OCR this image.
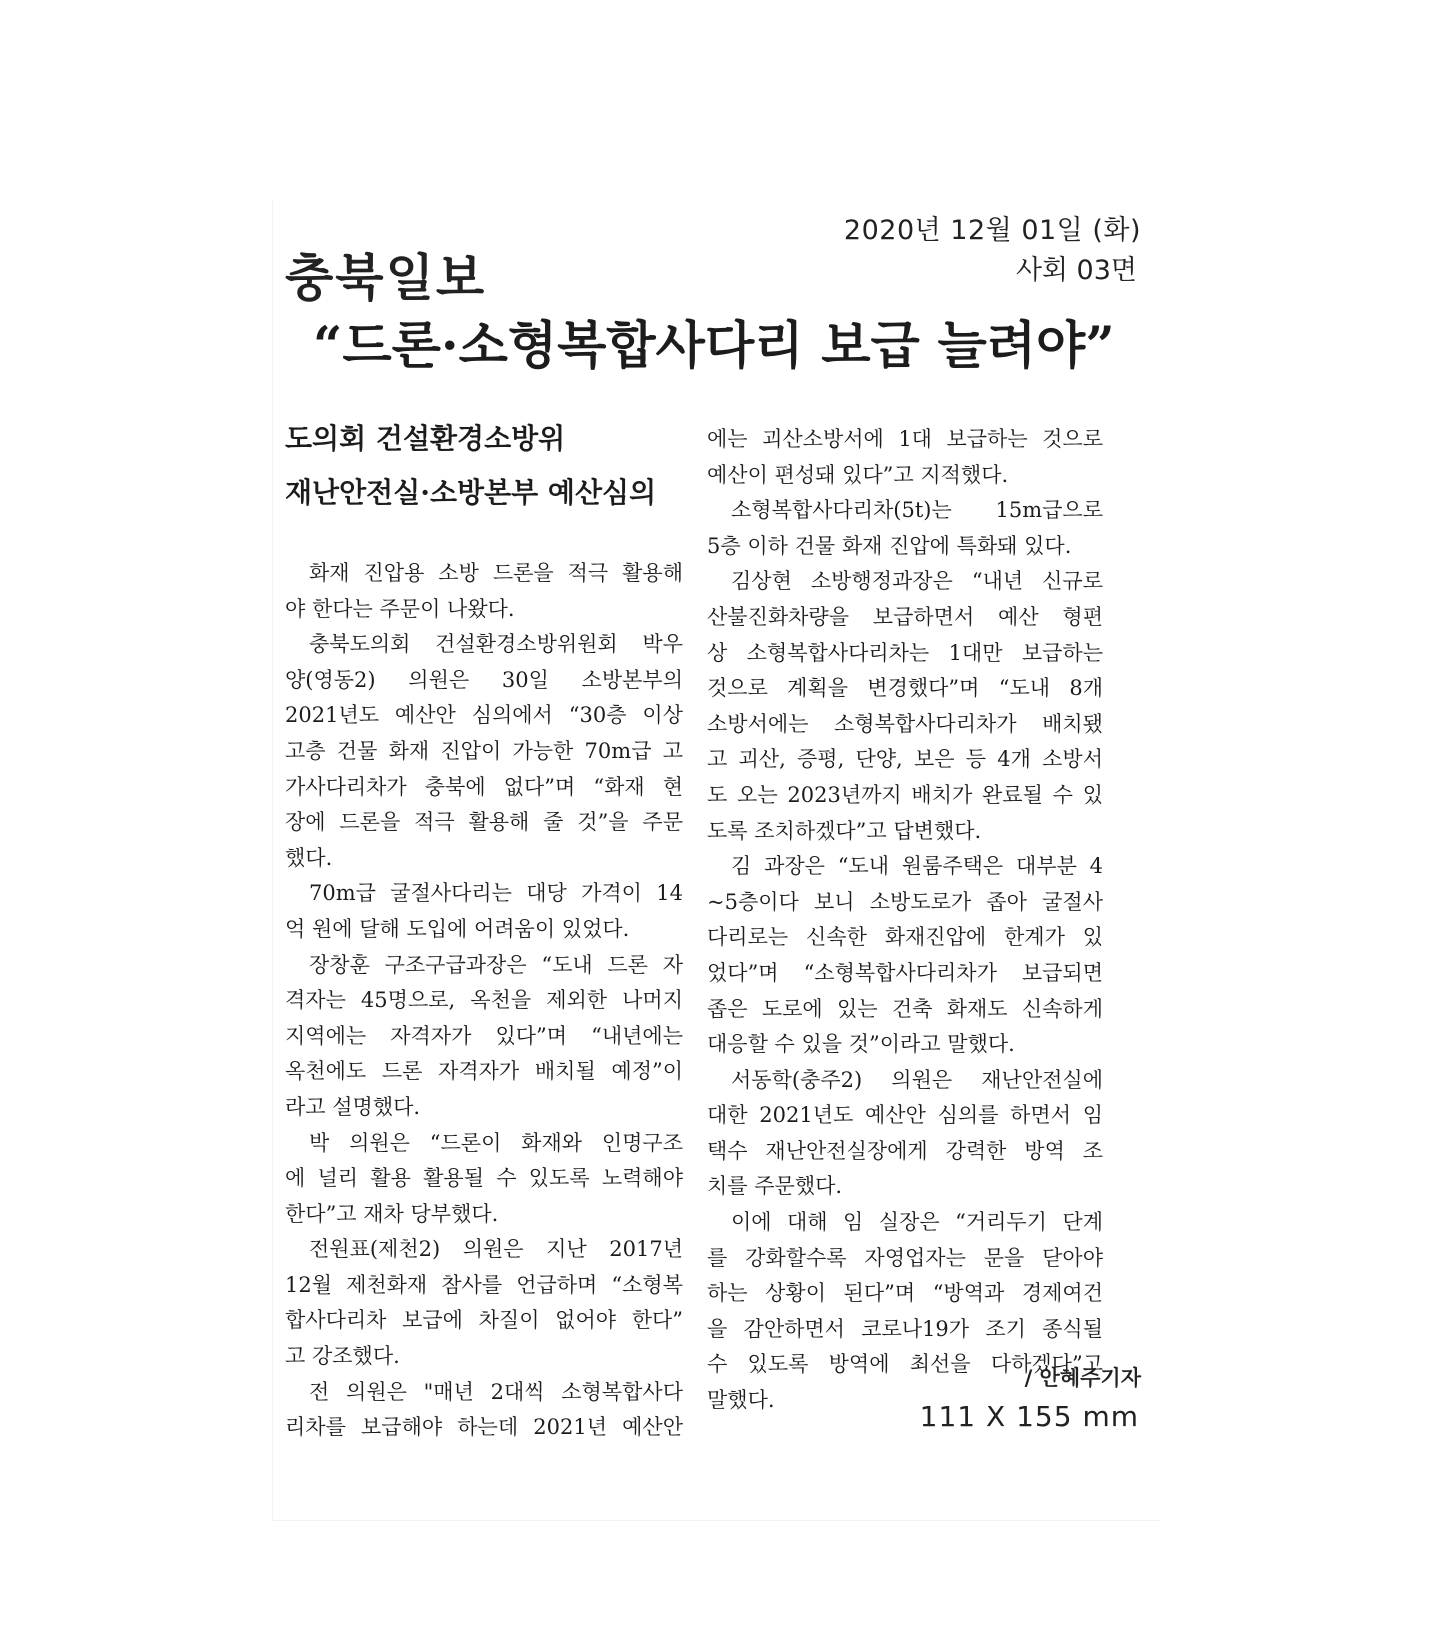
2020년 12월 01일 (화)
사회 03면
충북일보
“드론·소형복합사다리 보급 늘려야”
도의회 건설환경소방위
재난안전실·소방본부 예산심의
화재 진압용 소방 드론을 적극 활용해
야 한다는 주문이 나왔다.
충북도의회 건설환경소방위원회 박우
양(영동2) 의원은 30일 소방본부의
2021년도 예산안 심의에서 “30층 이상
고층 건물 화재 진압이 가능한 70m급 고
가사다리차가 충북에 없다”며 “화재 현
장에 드론을 적극 활용해 줄 것”을 주문
했다.
70m급 굴절사다리는 대당 가격이 14
억 원에 달해 도입에 어려움이 있었다.
장창훈 구조구급과장은 “도내 드론 자
격자는 45명으로, 옥천을 제외한 나머지
지역에는 자격자가 있다”며 “내년에는
옥천에도 드론 자격자가 배치될 예정”이
라고 설명했다.
박 의원은 “드론이 화재와 인명구조
에 널리 활용 활용될 수 있도록 노력해야
한다”고 재차 당부했다.
전원표(제천2) 의원은 지난 2017년
12월 제천화재 참사를 언급하며 “소형복
합사다리차 보급에 차질이 없어야 한다”
고 강조했다.
전 의원은 "매년 2대씩 소형복합사다
리차를 보급해야 하는데 2021년 예산안
에는 괴산소방서에 1대 보급하는 것으로
예산이 편성돼 있다”고 지적했다.
소형복합사다리차(5t)는 15m급으로
5층 이하 건물 화재 진압에 특화돼 있다.
김상현 소방행정과장은 “내년 신규로
산불진화차량을 보급하면서 예산 형편
상 소형복합사다리차는 1대만 보급하는
것으로 계획을 변경했다”며 “도내 8개
소방서에는 소형복합사다리차가 배치됐
고 괴산, 증평, 단양, 보은 등 4개 소방서
도 오는 2023년까지 배치가 완료될 수 있
도록 조치하겠다”고 답변했다.
김 과장은 “도내 원룸주택은 대부분 4
~5층이다 보니 소방도로가 좁아 굴절사
다리로는 신속한 화재진압에 한계가 있
었다”며 “소형복합사다리차가 보급되면
좁은 도로에 있는 건축 화재도 신속하게
대응할 수 있을 것”이라고 말했다.
서동학(충주2) 의원은 재난안전실에
대한 2021년도 예산안 심의를 하면서 임
택수 재난안전실장에게 강력한 방역 조
치를 주문했다.
이에 대해 임 실장은 “거리두기 단계
를 강화할수록 자영업자는 문을 닫아야
하는 상황이 된다”며 “방역과 경제여건
을 감안하면서 코로나19가 조기 종식될
수 있도록 방역에 최선을 다하겠다”고
말했다.
/ 안혜주기자
111 X 155 mm
